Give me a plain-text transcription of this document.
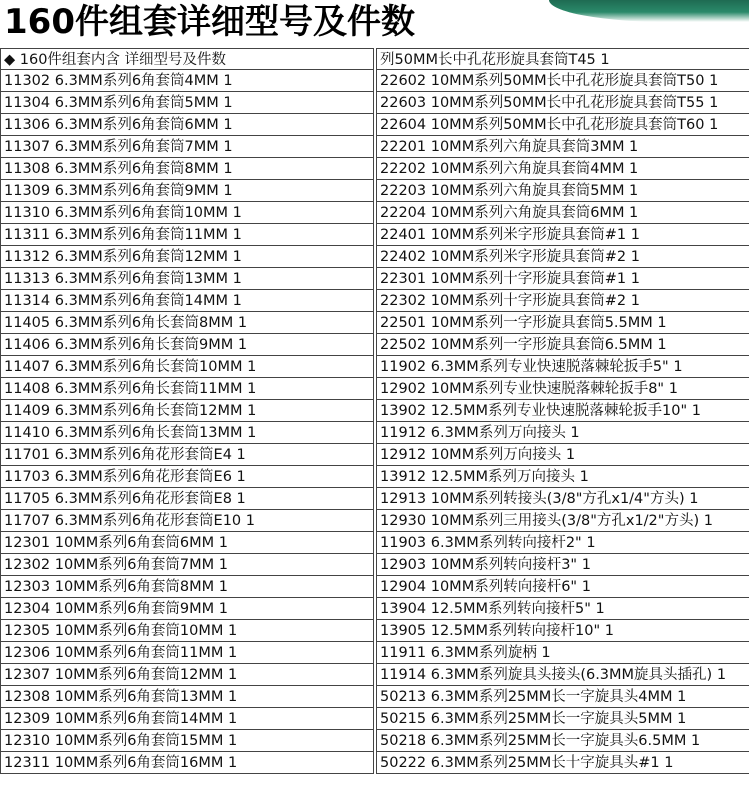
160件组套详细型号及件数
◆ 160件组套内含 详细型号及件数
11302 6.3MM系列6角套筒4MM 1
11304 6.3MM系列6角套筒5MM 1
11306 6.3MM系列6角套筒6MM 1
11307 6.3MM系列6角套筒7MM 1
11308 6.3MM系列6角套筒8MM 1
11309 6.3MM系列6角套筒9MM 1
11310 6.3MM系列6角套筒10MM 1
11311 6.3MM系列6角套筒11MM 1
11312 6.3MM系列6角套筒12MM 1
11313 6.3MM系列6角套筒13MM 1
11314 6.3MM系列6角套筒14MM 1
11405 6.3MM系列6角长套筒8MM 1
11406 6.3MM系列6角长套筒9MM 1
11407 6.3MM系列6角长套筒10MM 1
11408 6.3MM系列6角长套筒11MM 1
11409 6.3MM系列6角长套筒12MM 1
11410 6.3MM系列6角长套筒13MM 1
11701 6.3MM系列6角花形套筒E4 1
11703 6.3MM系列6角花形套筒E6 1
11705 6.3MM系列6角花形套筒E8 1
11707 6.3MM系列6角花形套筒E10 1
12301 10MM系列6角套筒6MM 1
12302 10MM系列6角套筒7MM 1
12303 10MM系列6角套筒8MM 1
12304 10MM系列6角套筒9MM 1
12305 10MM系列6角套筒10MM 1
12306 10MM系列6角套筒11MM 1
12307 10MM系列6角套筒12MM 1
12308 10MM系列6角套筒13MM 1
12309 10MM系列6角套筒14MM 1
12310 10MM系列6角套筒15MM 1
12311 10MM系列6角套筒16MM 1
列50MM长中孔花形旋具套筒T45 1
22602 10MM系列50MM长中孔花形旋具套筒T50 1
22603 10MM系列50MM长中孔花形旋具套筒T55 1
22604 10MM系列50MM长中孔花形旋具套筒T60 1
22201 10MM系列六角旋具套筒3MM 1
22202 10MM系列六角旋具套筒4MM 1
22203 10MM系列六角旋具套筒5MM 1
22204 10MM系列六角旋具套筒6MM 1
22401 10MM系列米字形旋具套筒#1 1
22402 10MM系列米字形旋具套筒#2 1
22301 10MM系列十字形旋具套筒#1 1
22302 10MM系列十字形旋具套筒#2 1
22501 10MM系列一字形旋具套筒5.5MM 1
22502 10MM系列一字形旋具套筒6.5MM 1
11902 6.3MM系列专业快速脱落棘轮扳手5" 1
12902 10MM系列专业快速脱落棘轮扳手8" 1
13902 12.5MM系列专业快速脱落棘轮扳手10" 1
11912 6.3MM系列万向接头 1
12912 10MM系列万向接头 1
13912 12.5MM系列万向接头 1
12913 10MM系列转接头(3/8"方孔x1/4"方头) 1
12930 10MM系列三用接头(3/8"方孔x1/2"方头) 1
11903 6.3MM系列转向接杆2" 1
12903 10MM系列转向接杆3" 1
12904 10MM系列转向接杆6" 1
13904 12.5MM系列转向接杆5" 1
13905 12.5MM系列转向接杆10" 1
11911 6.3MM系列旋柄 1
11914 6.3MM系列旋具头接头(6.3MM旋具头插孔) 1
50213 6.3MM系列25MM长一字旋具头4MM 1
50215 6.3MM系列25MM长一字旋具头5MM 1
50218 6.3MM系列25MM长一字旋具头6.5MM 1
50222 6.3MM系列25MM长十字旋具头#1 1
